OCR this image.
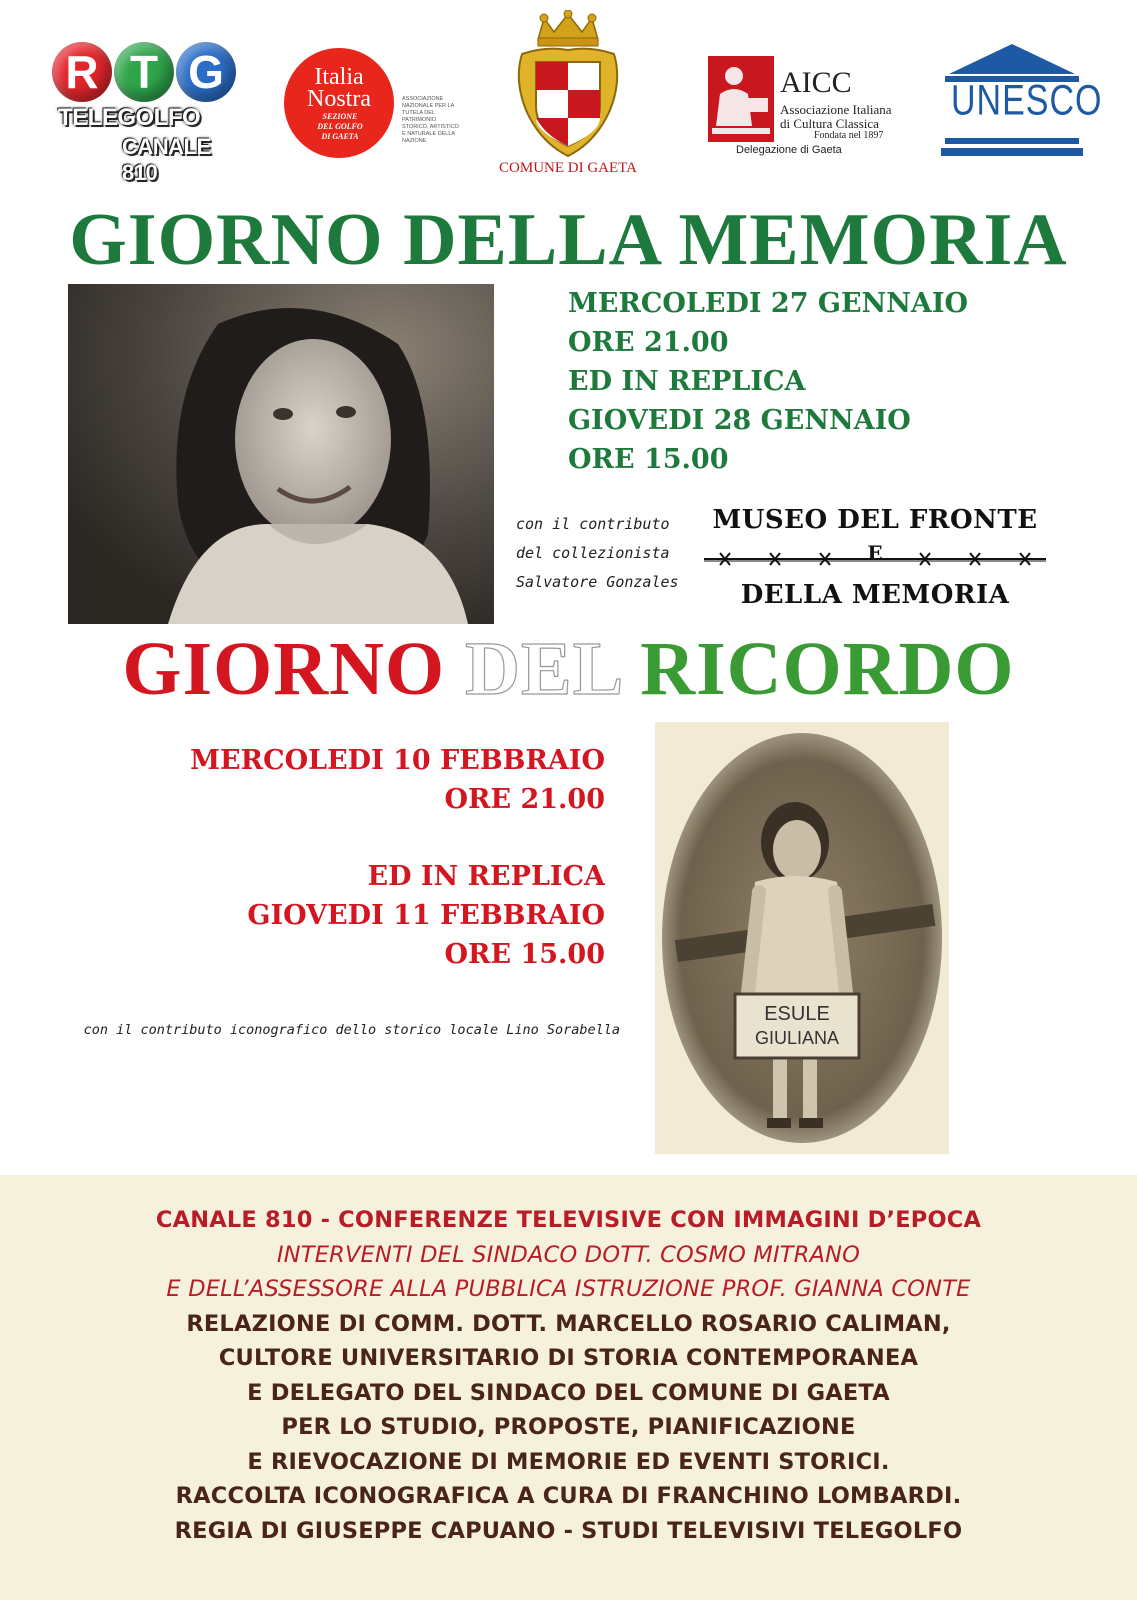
R T G
TELEGOLFO
CANALE 810
Italia
Nostra
SEZIONE
DEL GOLFO
DI GAETA
ASSOCIAZIONE NAZIONALE PER LA TUTELA DEL PATRIMONIO STORICO, ARTISTICO E NATURALE DELLA NAZIONE
COMUNE DI GAETA
AICC
Associazione Italiana
di Cultura Classica
Fondata nel 1897
Delegazione di Gaeta
UNESCO
GIORNO DELLA MEMORIA
MERCOLEDI 27 GENNAIO
ORE 21.00
ED IN REPLICA
GIOVEDI 28 GENNAIO
ORE 15.00
con il contributo
del collezionista
Salvatore Gonzales
MUSEO DEL FRONTE
E
DELLA MEMORIA
GIORNO DEL RICORDO
MERCOLEDI 10 FEBBRAIO
ORE 21.00
ED IN REPLICA
GIOVEDI 11 FEBBRAIO
ORE 15.00
con il contributo iconografico dello storico locale Lino Sorabella
ESULE
GIULIANA
CANALE 810 - CONFERENZE TELEVISIVE CON IMMAGINI D’EPOCA
INTERVENTI DEL SINDACO DOTT. COSMO MITRANO
E DELL’ASSESSORE ALLA PUBBLICA ISTRUZIONE PROF. GIANNA CONTE
RELAZIONE DI COMM. DOTT. MARCELLO ROSARIO CALIMAN,
CULTORE UNIVERSITARIO DI STORIA CONTEMPORANEA
E DELEGATO DEL SINDACO DEL COMUNE DI GAETA
PER LO STUDIO, PROPOSTE, PIANIFICAZIONE
E RIEVOCAZIONE DI MEMORIE ED EVENTI STORICI.
RACCOLTA ICONOGRAFICA A CURA DI FRANCHINO LOMBARDI.
REGIA DI GIUSEPPE CAPUANO - STUDI TELEVISIVI TELEGOLFO
